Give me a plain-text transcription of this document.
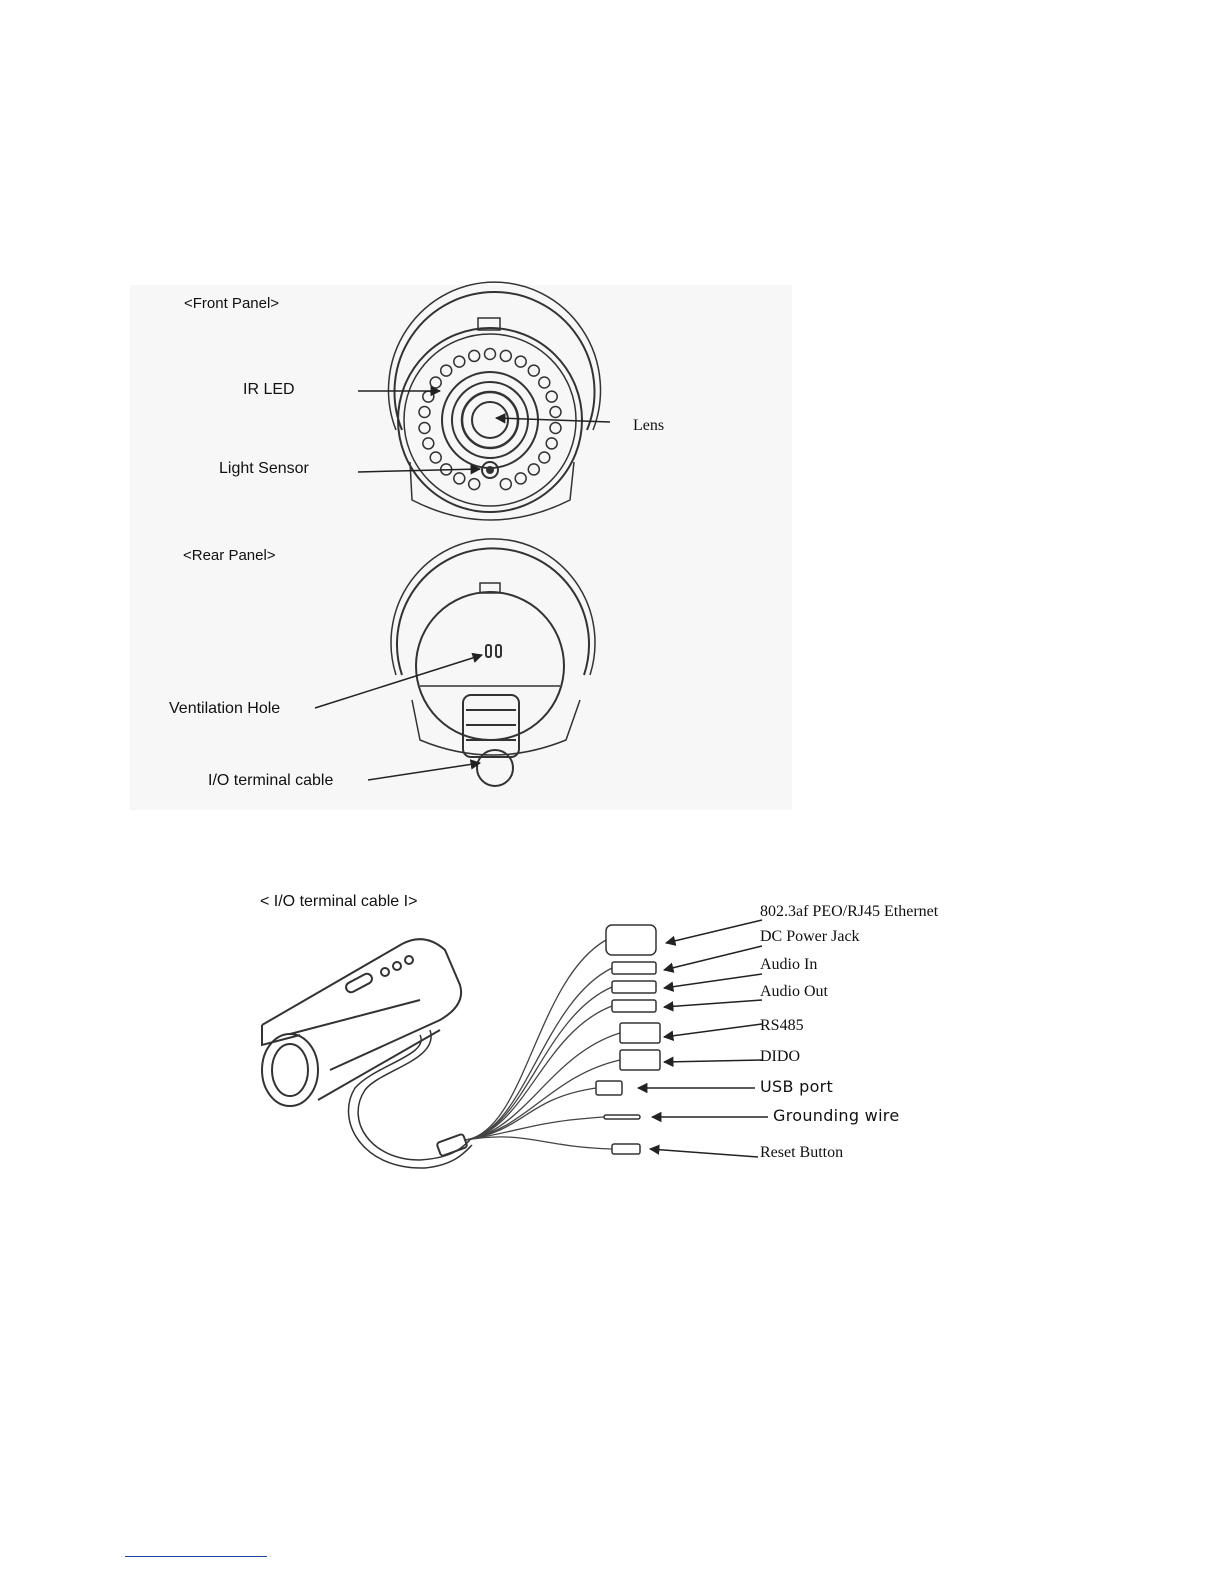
<Front Panel>
IR LED
Light Sensor
Lens
<Rear Panel>
Ventilation Hole
I/O terminal cable
< I/O terminal cable I>
802.3af PEO/RJ45 Ethernet
DC Power Jack
Audio In
Audio Out
RS485
DIDO
USB port
Grounding wire
Reset Button
